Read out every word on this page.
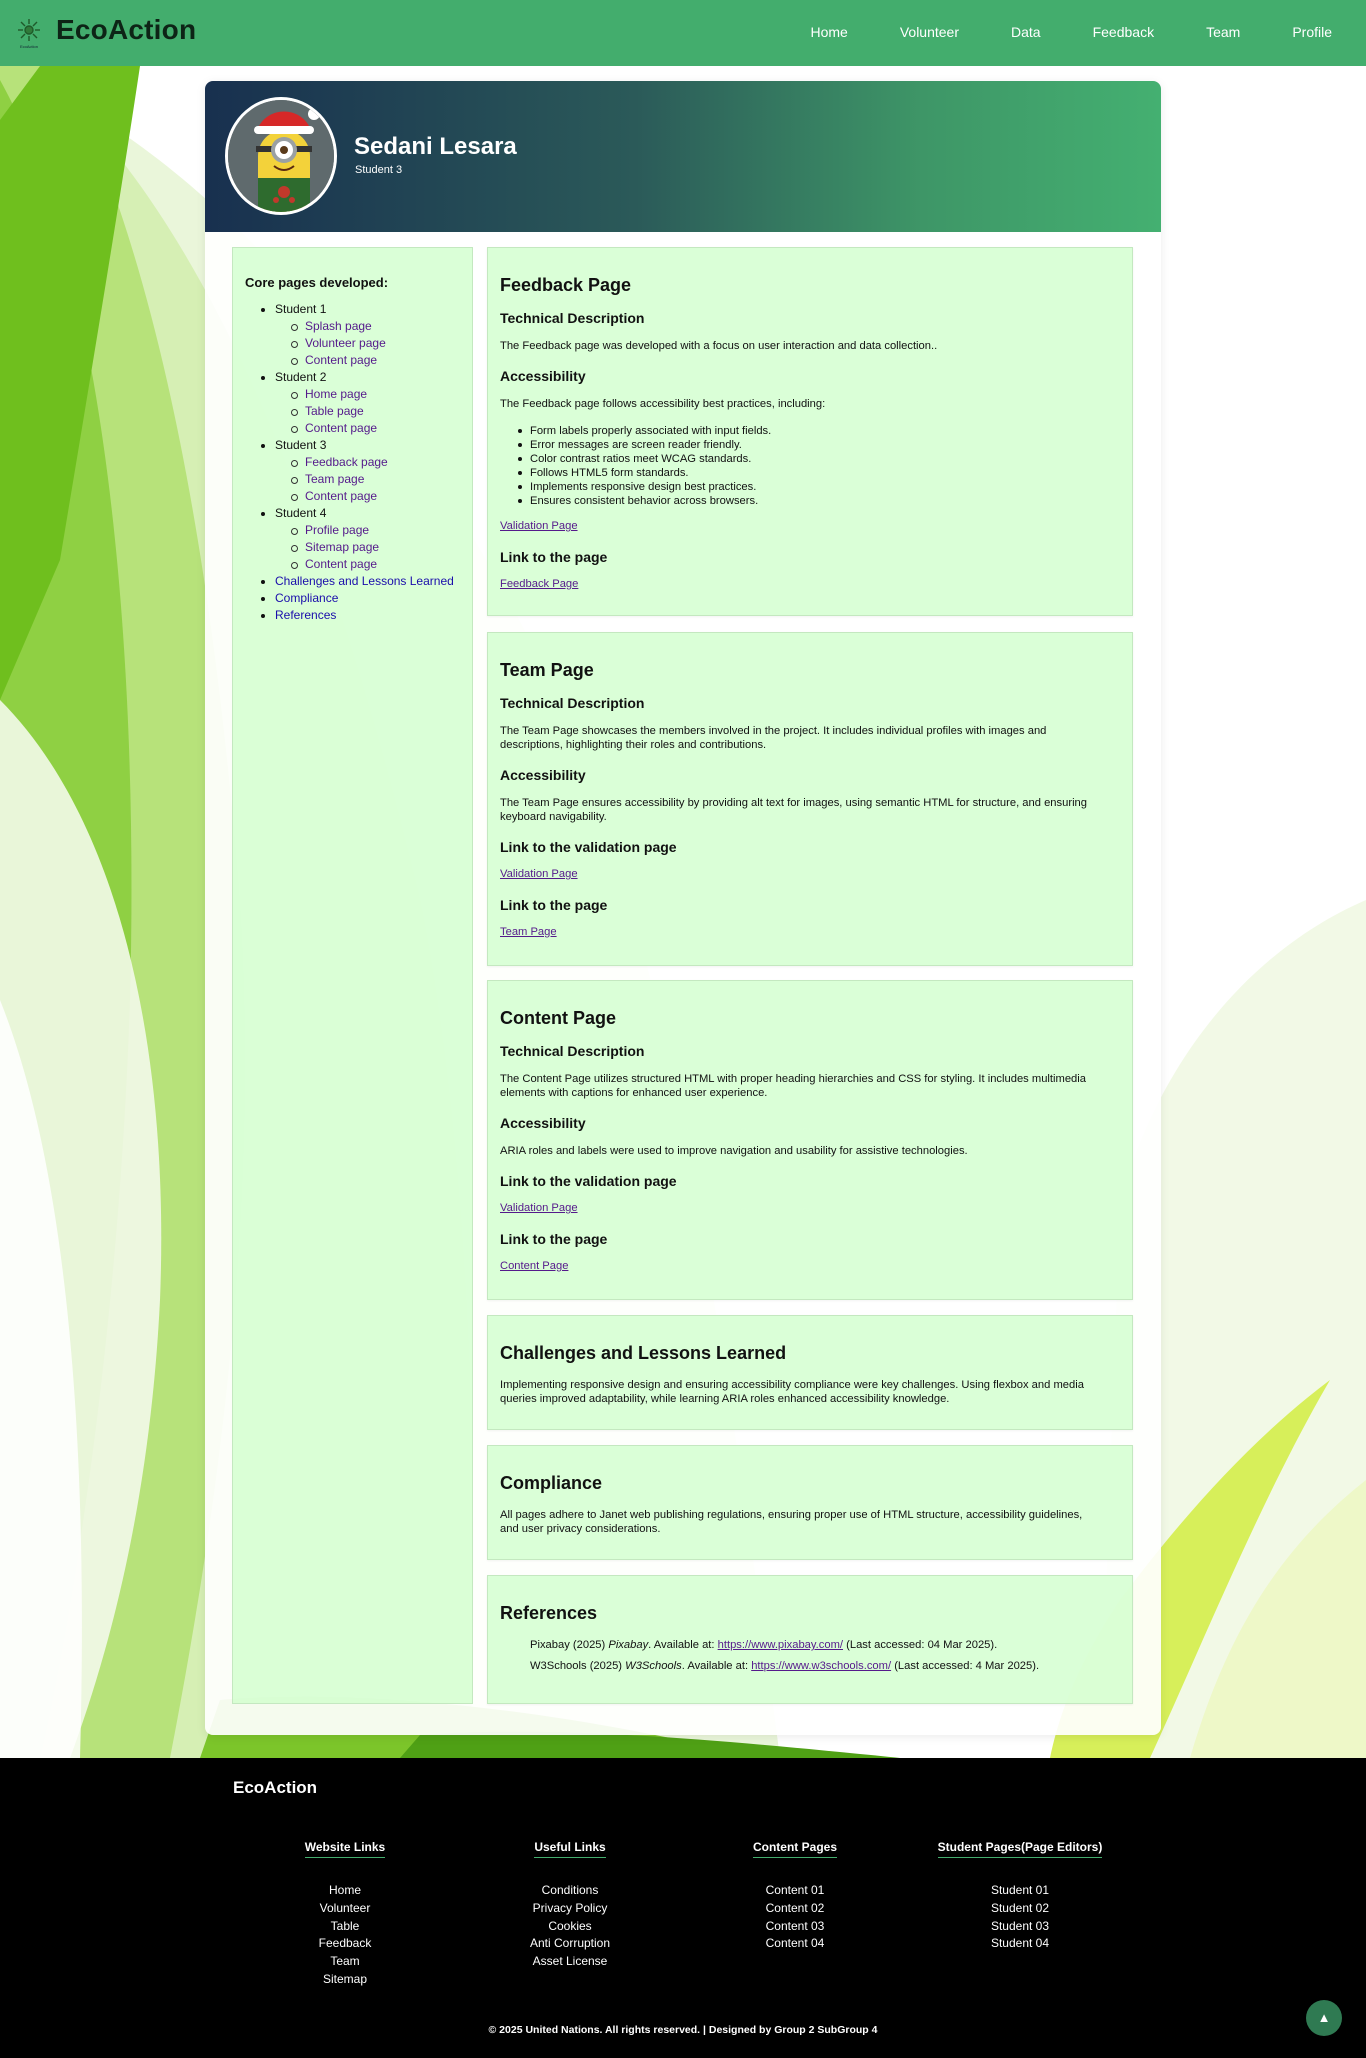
EcoAction
EcoAction	Home	Volunteer	Data	Feedback	Team	Profile
Sedani Lesara
Student 3
Core pages developed:
Student 1
Splash page
Volunteer page
Content page
Student 2
Home page
Table page
Content page
Student 3
Feedback page
Team page
Content page
Student 4
Profile page
Sitemap page
Content page
Challenges and Lessons Learned
Compliance
References
Feedback Page
Technical Description
The Feedback page was developed with a focus on user interaction and data collection..
Accessibility
The Feedback page follows accessibility best practices, including:
Form labels properly associated with input fields.
Error messages are screen reader friendly.
Color contrast ratios meet WCAG standards.
Follows HTML5 form standards.
Implements responsive design best practices.
Ensures consistent behavior across browsers.
Validation Page
Link to the page
Feedback Page
Team Page
Technical Description
The Team Page showcases the members involved in the project. It includes individual profiles with images and descriptions, highlighting their roles and contributions.
Accessibility
The Team Page ensures accessibility by providing alt text for images, using semantic HTML for structure, and ensuring keyboard navigability.
Link to the validation page
Validation Page
Link to the page
Team Page
Content Page
Technical Description
The Content Page utilizes structured HTML with proper heading hierarchies and CSS for styling. It includes multimedia elements with captions for enhanced user experience.
Accessibility
ARIA roles and labels were used to improve navigation and usability for assistive technologies.
Link to the validation page
Validation Page
Link to the page
Content Page
Challenges and Lessons Learned
Implementing responsive design and ensuring accessibility compliance were key challenges. Using flexbox and media queries improved adaptability, while learning ARIA roles enhanced accessibility knowledge.
Compliance
All pages adhere to Janet web publishing regulations, ensuring proper use of HTML structure, accessibility guidelines, and user privacy considerations.
References
Pixabay (2025) Pixabay. Available at: https://www.pixabay.com/ (Last accessed: 04 Mar 2025).
W3Schools (2025) W3Schools. Available at: https://www.w3schools.com/ (Last accessed: 4 Mar 2025).
EcoAction
Website Links
Home
Volunteer
Table
Feedback
Team
Sitemap
Useful Links
Conditions
Privacy Policy
Cookies
Anti Corruption
Asset License
Content Pages
Content 01
Content 02
Content 03
Content 04
Student Pages(Page Editors)
Student 01
Student 02
Student 03
Student 04
© 2025 United Nations. All rights reserved. | Designed by Group 2 SubGroup 4
▲
